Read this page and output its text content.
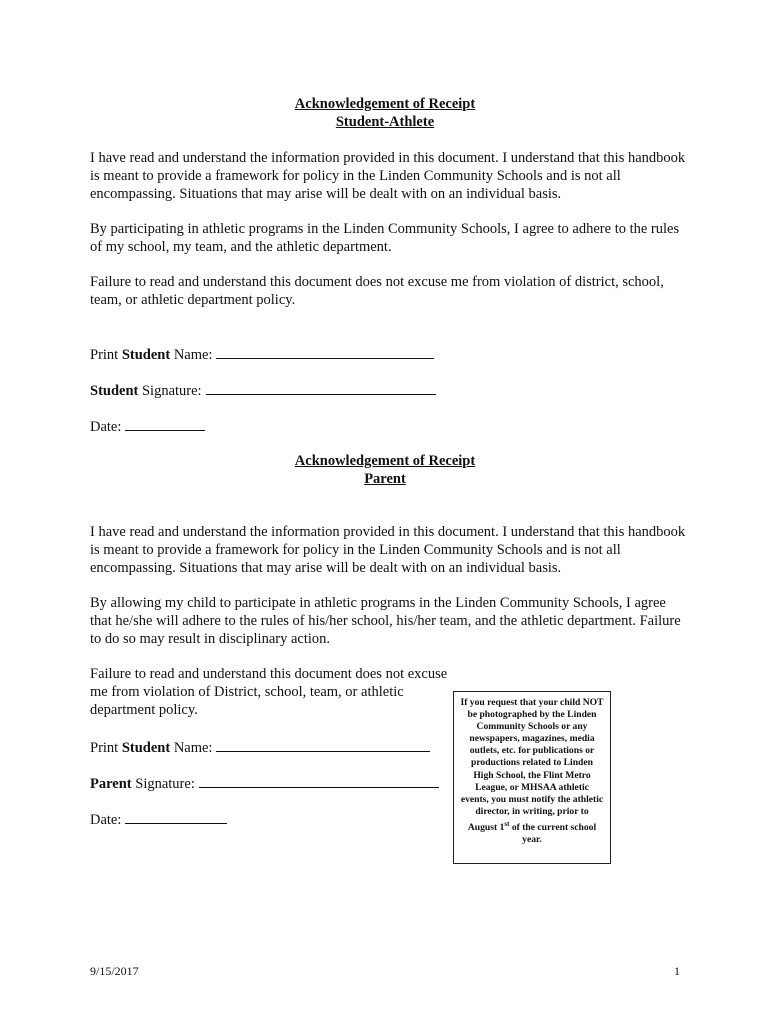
Acknowledgement of Receipt
Student-Athlete
I have read and understand the information provided in this document. I understand that this handbook is meant to provide a framework for policy in the Linden Community Schools and is not all encompassing. Situations that may arise will be dealt with on an individual basis.
By participating in athletic programs in the Linden Community Schools, I agree to adhere to the rules of my school, my team, and the athletic department.
Failure to read and understand this document does not excuse me from violation of district, school, team, or athletic department policy.
Print Student Name:
Student Signature:
Date:
Acknowledgement of Receipt
Parent
I have read and understand the information provided in this document. I understand that this handbook is meant to provide a framework for policy in the Linden Community Schools and is not all encompassing. Situations that may arise will be dealt with on an individual basis.
By allowing my child to participate in athletic programs in the Linden Community Schools, I agree that he/she will adhere to the rules of his/her school, his/her team, and the athletic department. Failure to do so may result in disciplinary action.
Failure to read and understand this document does not excuse me from violation of District, school, team, or athletic department policy.
Print Student Name:
Parent Signature:
Date:
If you request that your child NOT be photographed by the Linden Community Schools or any newspapers, magazines, media outlets, etc. for publications or productions related to Linden High School, the Flint Metro League, or MHSAA athletic events, you must notify the athletic director, in writing, prior to August 1st of the current school year.
9/15/2017	1
